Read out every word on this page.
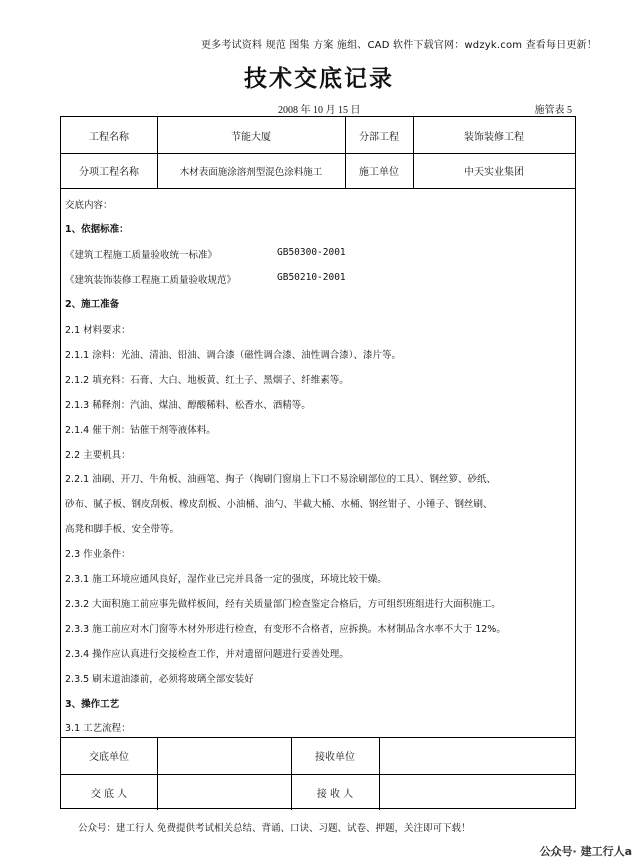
更多考试资料 规范 图集 方案 施组、CAD 软件下载官网：wdzyk.com 查看每日更新！
技术交底记录
2008 年 10 月 15 日	施管表 5
工程名称	节能大厦	分部工程	装饰装修工程
分项工程名称	木材表面施涂溶剂型混色涂料施工	施工单位	中天实业集团
交底内容：
1、依据标准：
《建筑工程施工质量验收统一标准》	GB50300-2001
《建筑装饰装修工程施工质量验收规范》	GB50210-2001
2、施工准备
2.1 材料要求：
2.1.1 涂料：光油、清油、铅油、调合漆（磁性调合漆、油性调合漆）、漆片等。
2.1.2 填充料：石膏、大白、地板黄、红土子、黑烟子、纤维素等。
2.1.3 稀释剂：汽油、煤油、醇酸稀料、松香水、酒精等。
2.1.4 催干剂：钴催干剂等液体料。
2.2 主要机具：
2.2.1 油刷、开刀、牛角板、油画笔、掏子（掏刷门窗扇上下口不易涂刷部位的工具）、钢丝箩、砂纸、
砂布、腻子板、钢皮刮板、橡皮刮板、小油桶、油勺、半截大桶、水桶、钢丝钳子、小锤子、钢丝刷、
高凳和脚手板、安全带等。
2.3 作业条件：
2.3.1 施工环境应通风良好，湿作业已完并具备一定的强度，环境比较干燥。
2.3.2 大面积施工前应事先做样板间，经有关质量部门检查鉴定合格后，方可组织班组进行大面积施工。
2.3.3 施工前应对木门窗等木材外形进行检查，有变形不合格者，应拆换。木材制品含水率不大于 12%。
2.3.4 操作应认真进行交接检查工作，并对遗留问题进行妥善处理。
2.3.5 刷末道油漆前，必须将玻璃全部安装好
3、操作工艺
3.1 工艺流程：
交底单位	接收单位
交 底 人	接 收 人
公众号：建工行人 免费提供考试相关总结、背诵、口诀、习题、试卷、押题，关注即可下载！
公众号· 建工行人a
